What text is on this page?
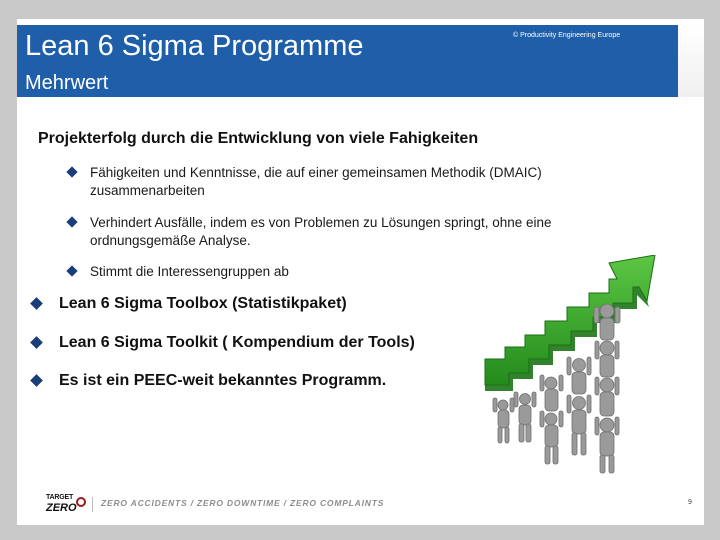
Lean 6 Sigma Programme
Mehrwert
© Productivity Engineering Europe
Projekterfolg durch die Entwicklung von viele Fahigkeiten
Fähigkeiten und Kenntnisse, die auf einer gemeinsamen Methodik (DMAIC) zusammenarbeiten
Verhindert Ausfälle, indem es von Problemen zu Lösungen springt, ohne eine ordnungsgemäße Analyse.
Stimmt die Interessengruppen ab
Lean 6 Sigma Toolbox (Statistikpaket)
Lean 6 Sigma Toolkit ( Kompendium der Tools)
Es ist ein PEEC-weit bekanntes Programm.
TARGET
ZERO	ZERO ACCIDENTS / ZERO DOWNTIME / ZERO COMPLAINTS	9
